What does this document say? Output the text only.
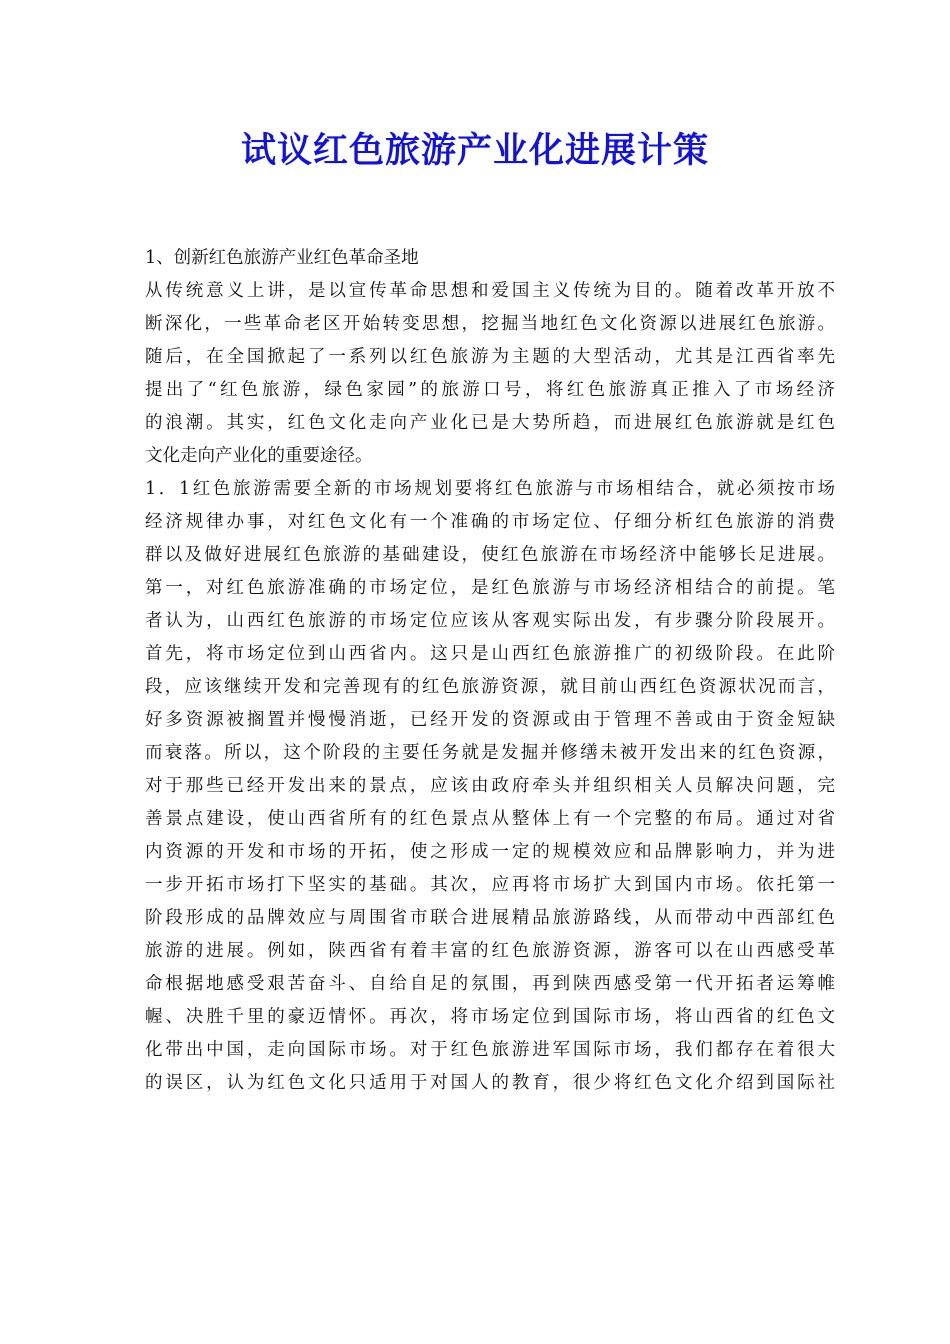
试议红色旅游产业化进展计策
1、创新红色旅游产业红色革命圣地
从传统意义上讲，是以宣传革命思想和爱国主义传统为目的。随着改革开放不
断深化，一些革命老区开始转变思想，挖掘当地红色文化资源以进展红色旅游。
随后，在全国掀起了一系列以红色旅游为主题的大型活动，尤其是江西省率先
提出了“红色旅游，绿色家园”的旅游口号，将红色旅游真正推入了市场经济
的浪潮。其实，红色文化走向产业化已是大势所趋，而进展红色旅游就是红色
文化走向产业化的重要途径。
1．1红色旅游需要全新的市场规划要将红色旅游与市场相结合，就必须按市场
经济规律办事，对红色文化有一个准确的市场定位、仔细分析红色旅游的消费
群以及做好进展红色旅游的基础建设，使红色旅游在市场经济中能够长足进展。
第一，对红色旅游准确的市场定位，是红色旅游与市场经济相结合的前提。笔
者认为，山西红色旅游的市场定位应该从客观实际出发，有步骤分阶段展开。
首先，将市场定位到山西省内。这只是山西红色旅游推广的初级阶段。在此阶
段，应该继续开发和完善现有的红色旅游资源，就目前山西红色资源状况而言，
好多资源被搁置并慢慢消逝，已经开发的资源或由于管理不善或由于资金短缺
而衰落。所以，这个阶段的主要任务就是发掘并修缮未被开发出来的红色资源，
对于那些已经开发出来的景点，应该由政府牵头并组织相关人员解决问题，完
善景点建设，使山西省所有的红色景点从整体上有一个完整的布局。通过对省
内资源的开发和市场的开拓，使之形成一定的规模效应和品牌影响力，并为进
一步开拓市场打下坚实的基础。其次，应再将市场扩大到国内市场。依托第一
阶段形成的品牌效应与周围省市联合进展精品旅游路线，从而带动中西部红色
旅游的进展。例如，陕西省有着丰富的红色旅游资源，游客可以在山西感受革
命根据地感受艰苦奋斗、自给自足的氛围，再到陕西感受第一代开拓者运筹帷
幄、决胜千里的豪迈情怀。再次，将市场定位到国际市场，将山西省的红色文
化带出中国，走向国际市场。对于红色旅游进军国际市场，我们都存在着很大
的误区，认为红色文化只适用于对国人的教育，很少将红色文化介绍到国际社
